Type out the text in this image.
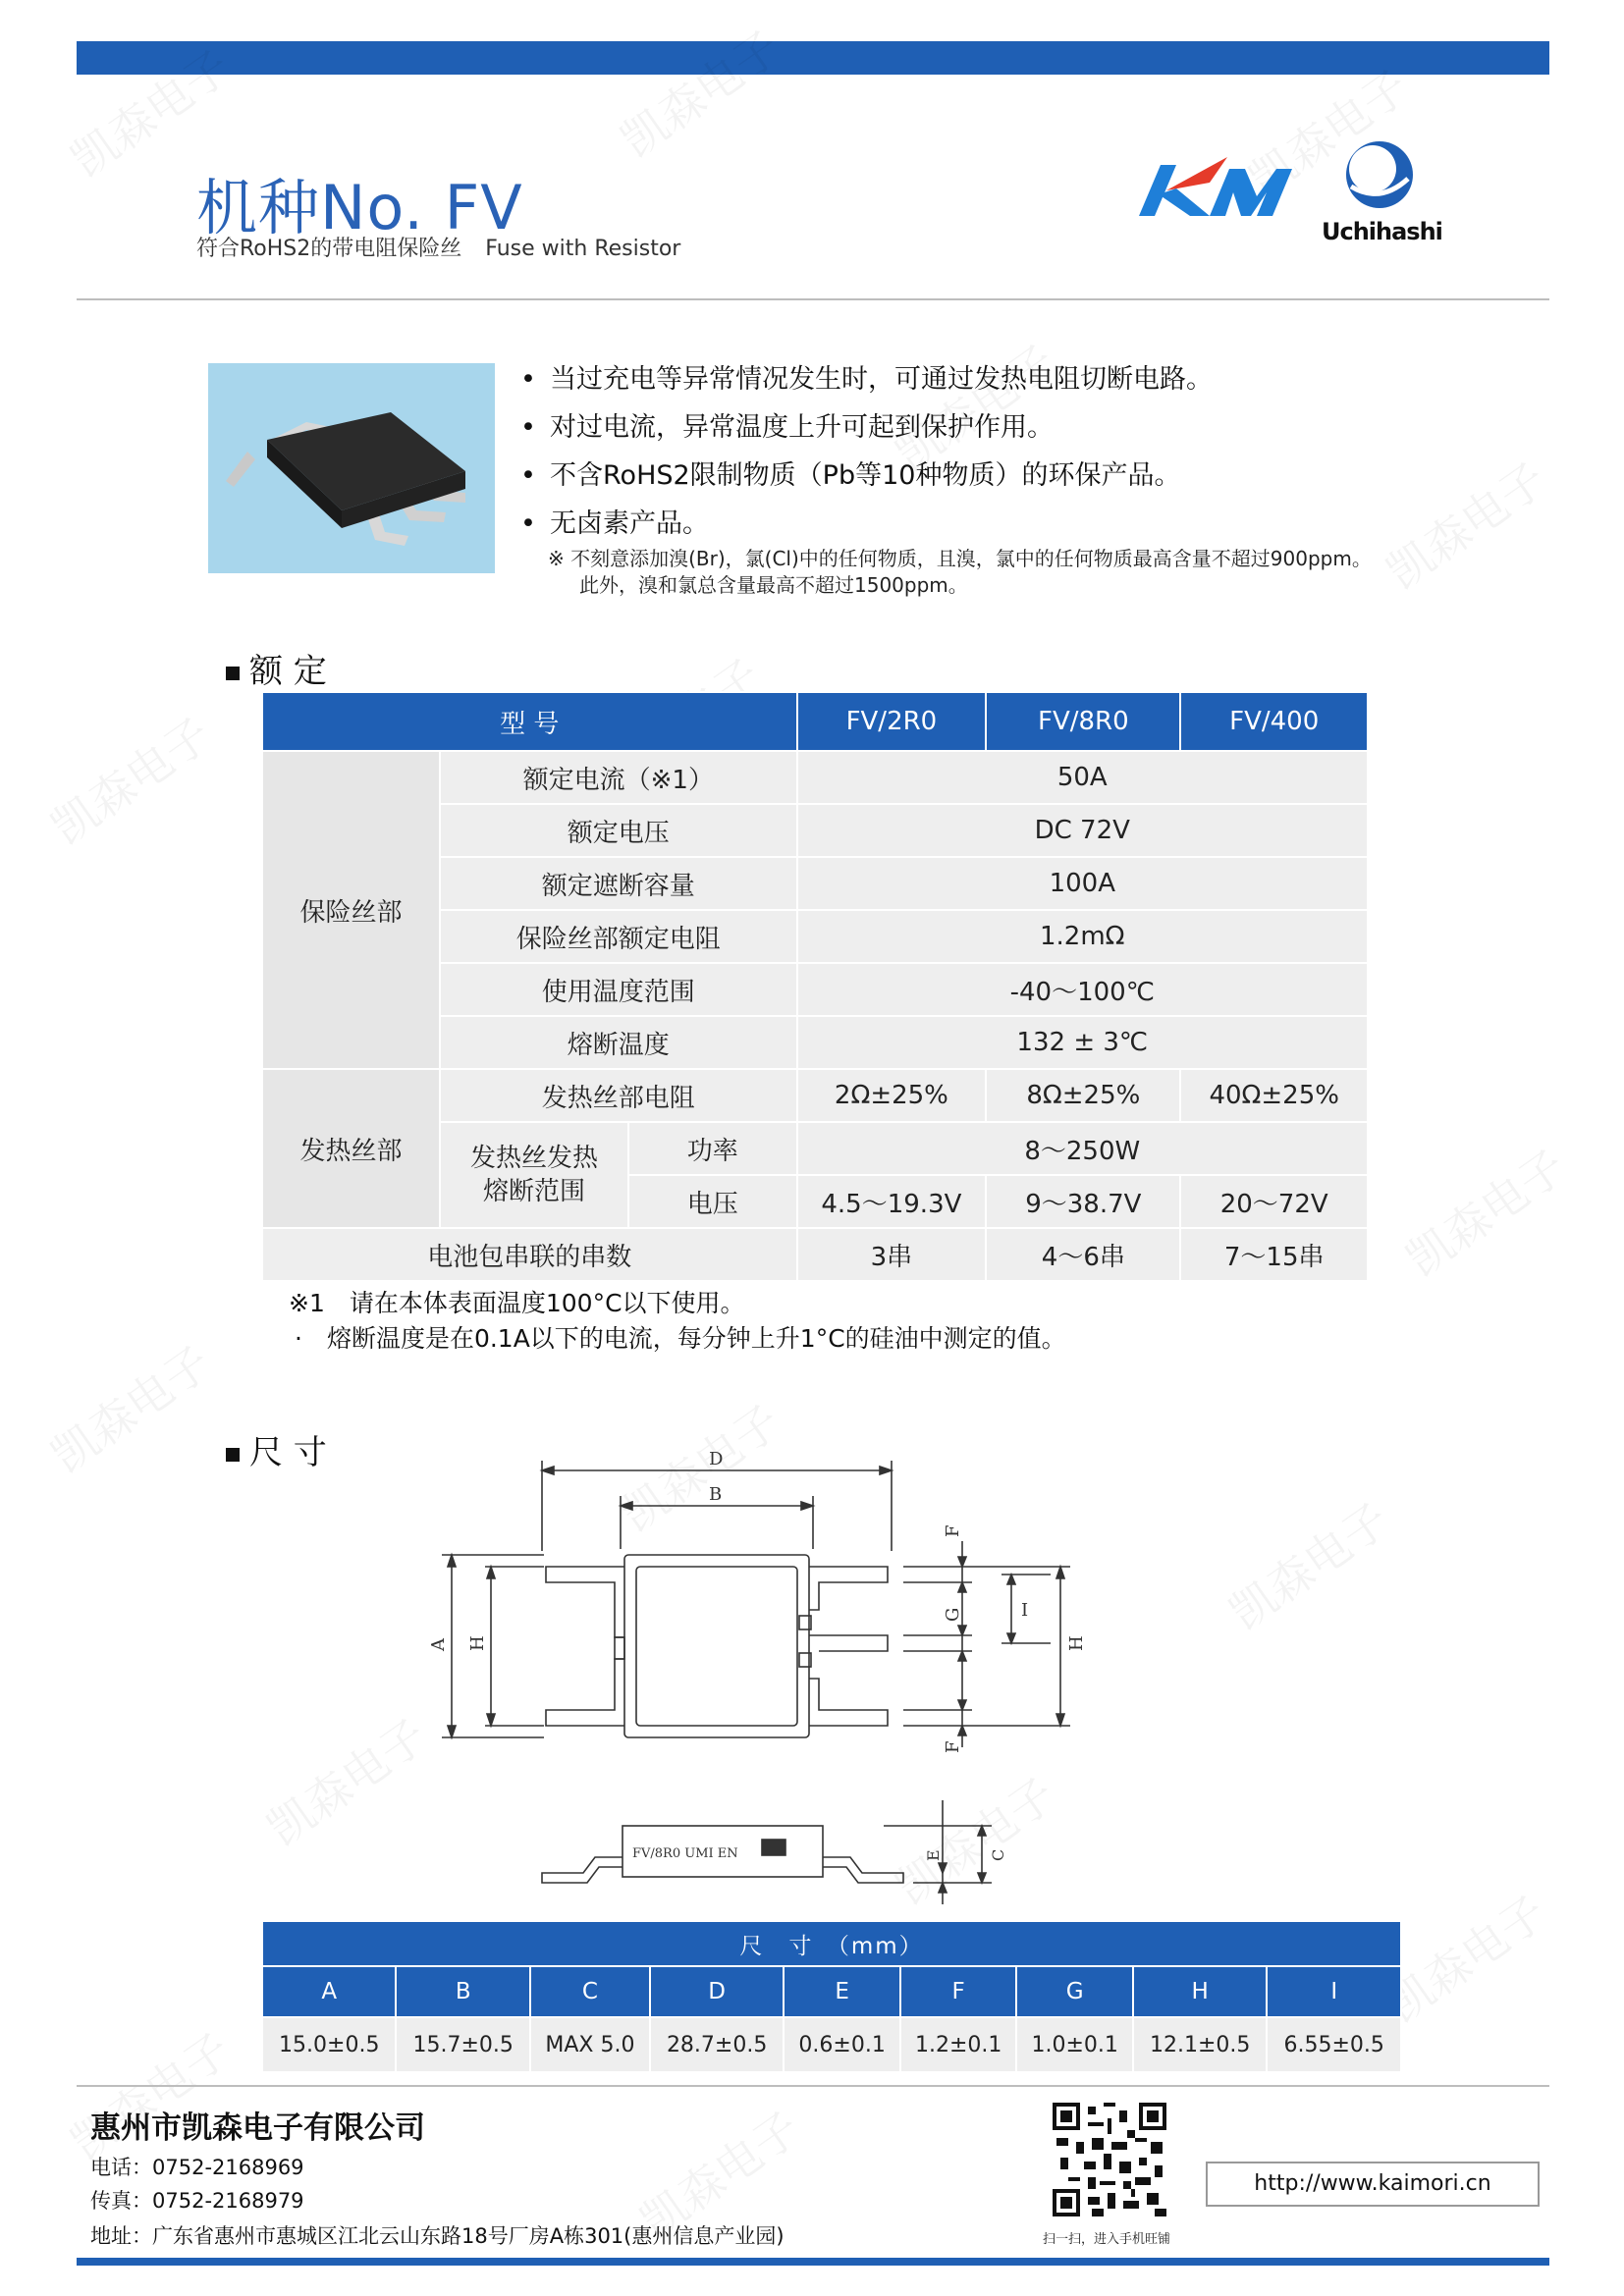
机种No. FV
符合RoHS2的带电阻保险丝 Fuse with Resistor
Uchihashi
• 当过充电等异常情况发生时，可通过发热电阻切断电路。
• 对过电流，异常温度上升可起到保护作用。
• 不含RoHS2限制物质（Pb等10种物质）的环保产品。
• 无卤素产品。
※ 不刻意添加溴(Br)，氯(Cl)中的任何物质，且溴，氯中的任何物质最高含量不超过900ppm。
此外，溴和氯总含量最高不超过1500ppm。
额 定
型 号			FV/2R0	FV/8R0	FV/400
保险丝部	额定电流（※1）		50A		
	额定电压		DC 72V		
	额定遮断容量		100A		
	保险丝部额定电阻		1.2mΩ		
	使用温度范围		-40～100℃		
	熔断温度		132 ± 3℃		
发热丝部	发热丝部电阻		2Ω±25%	8Ω±25%	40Ω±25%

	发热丝发热
熔断范围	功率	8～250W		
		电压	4.5～19.3V	9～38.7V	20～72V
电池包串联的串数			3串	4～6串	7～15串
※1　请在本体表面温度100°C以下使用。
·　熔断温度是在0.1A以下的电流，每分钟上升1°C的硅油中测定的值。
尺 寸	D
B
A H
F
G
F
I
H
FV/8R0 UMI EN	E	C
尺　寸　（mm）								
A	B	C	D	E	F	G	H	I
15.0±0.5	15.7±0.5	MAX 5.0	28.7±0.5	0.6±0.1	1.2±0.1	1.0±0.1	12.1±0.5	6.55±0.5
惠州市凯森电子有限公司
电话：0752-2168969
传真：0752-2168979
地址：广东省惠州市惠城区江北云山东路18号厂房A栋301(惠州信息产业园)	扫一扫，进入手机旺铺
http://www.kaimori.cn
